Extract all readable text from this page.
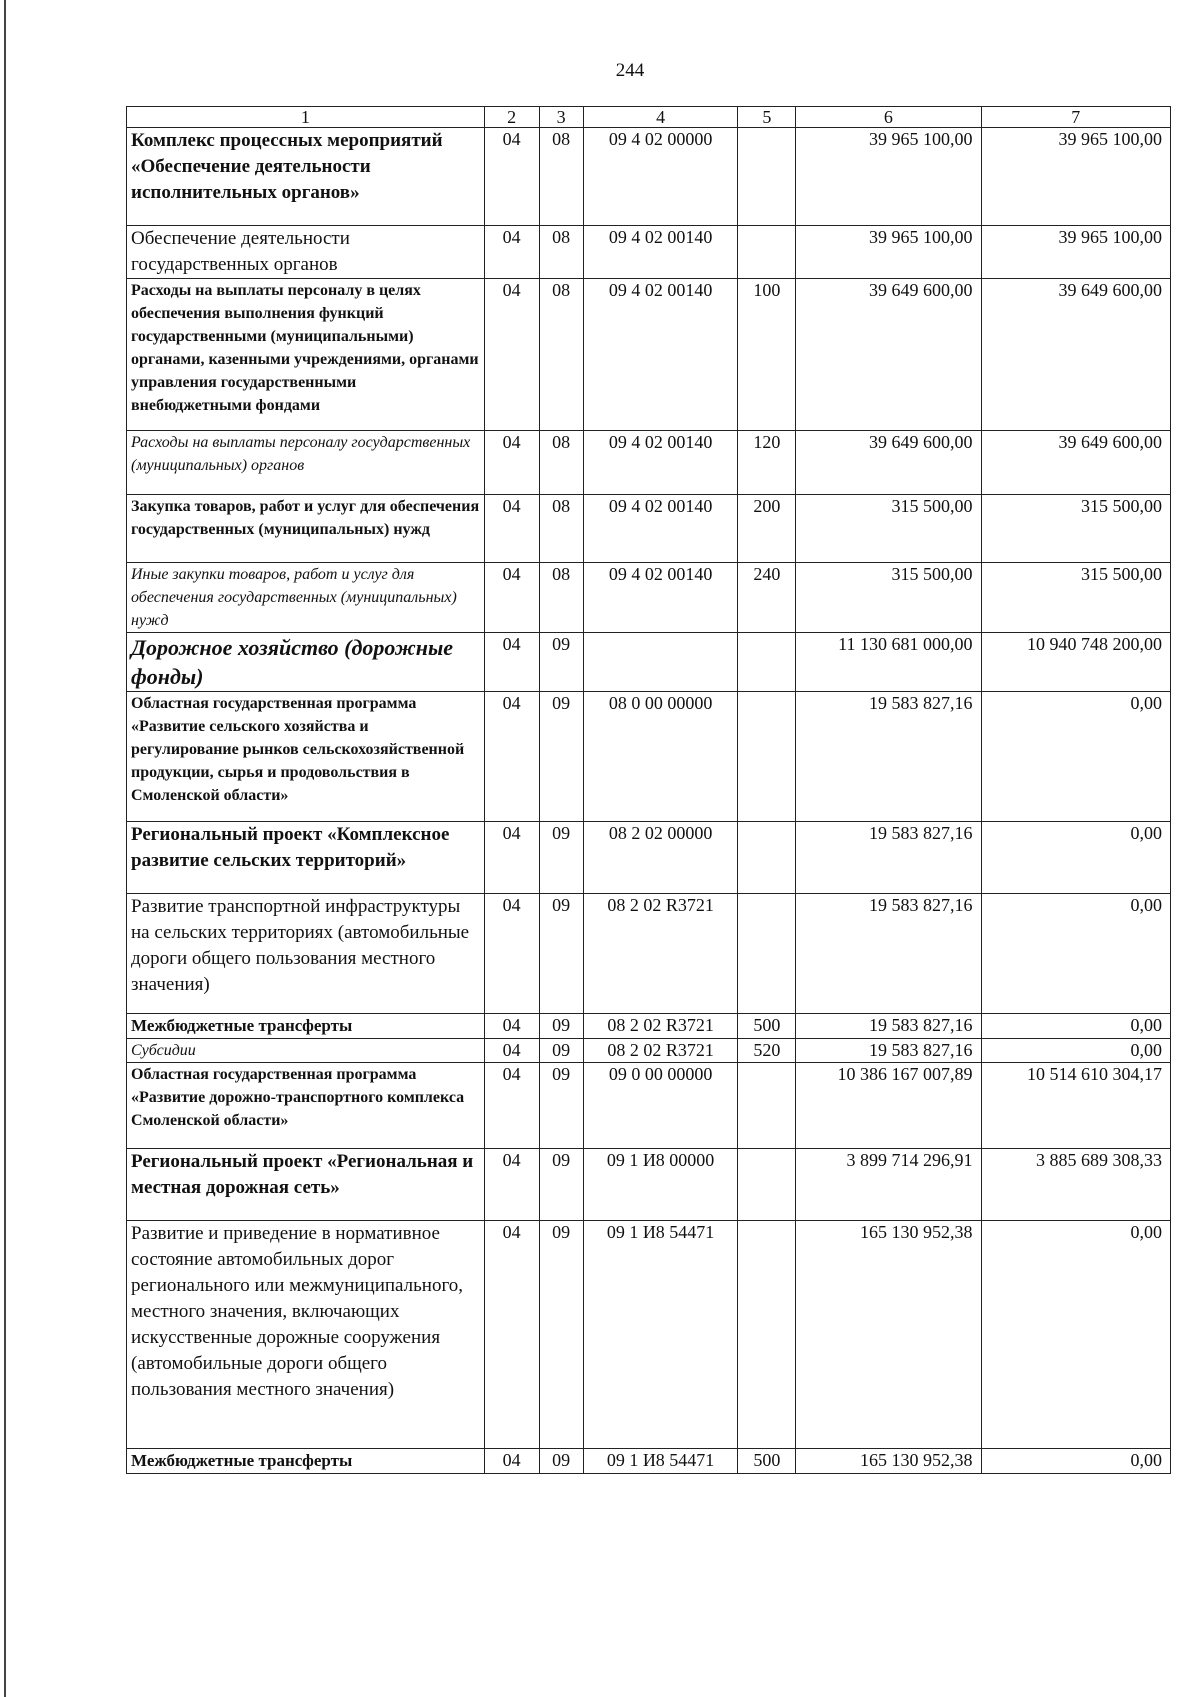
244
1	2	3	4	5	6	7
Комплекс процессных мероприятий «Обеспечение деятельности исполнительных органов»	04	08	09 4 02 00000		39 965 100,00	39 965 100,00
Обеспечение деятельности государственных органов	04	08	09 4 02 00140		39 965 100,00	39 965 100,00
Расходы на выплаты персоналу в целях обеспечения выполнения функций государственными (муниципальными) органами, казенными учреждениями, органами управления государственными внебюджетными фондами	04	08	09 4 02 00140	100	39 649 600,00	39 649 600,00
Расходы на выплаты персоналу государственных (муниципальных) органов	04	08	09 4 02 00140	120	39 649 600,00	39 649 600,00
Закупка товаров, работ и услуг для обеспечения государственных (муниципальных) нужд	04	08	09 4 02 00140	200	315 500,00	315 500,00
Иные закупки товаров, работ и услуг для обеспечения государственных (муниципальных) нужд	04	08	09 4 02 00140	240	315 500,00	315 500,00
Дорожное хозяйство (дорожные фонды)	04	09			11 130 681 000,00	10 940 748 200,00
Областная государственная программа «Развитие сельского хозяйства и регулирование рынков сельскохозяйственной продукции, сырья и продовольствия в Смоленской области»	04	09	08 0 00 00000		19 583 827,16	0,00
Региональный проект «Комплексное развитие сельских территорий»	04	09	08 2 02 00000		19 583 827,16	0,00
Развитие транспортной инфраструктуры на сельских территориях (автомобильные дороги общего пользования местного значения)	04	09	08 2 02 R3721		19 583 827,16	0,00
Межбюджетные трансферты	04	09	08 2 02 R3721	500	19 583 827,16	0,00
Субсидии	04	09	08 2 02 R3721	520	19 583 827,16	0,00
Областная государственная программа «Развитие дорожно-транспортного комплекса Смоленской области»	04	09	09 0 00 00000		10 386 167 007,89	10 514 610 304,17
Региональный проект «Региональная и местная дорожная сеть»	04	09	09 1 И8 00000		3 899 714 296,91	3 885 689 308,33
Развитие и приведение в нормативное состояние автомобильных дорог регионального или межмуниципального, местного значения, включающих искусственные дорожные сооружения (автомобильные дороги общего пользования местного значения)	04	09	09 1 И8 54471		165 130 952,38	0,00
Межбюджетные трансферты	04	09	09 1 И8 54471	500	165 130 952,38	0,00
